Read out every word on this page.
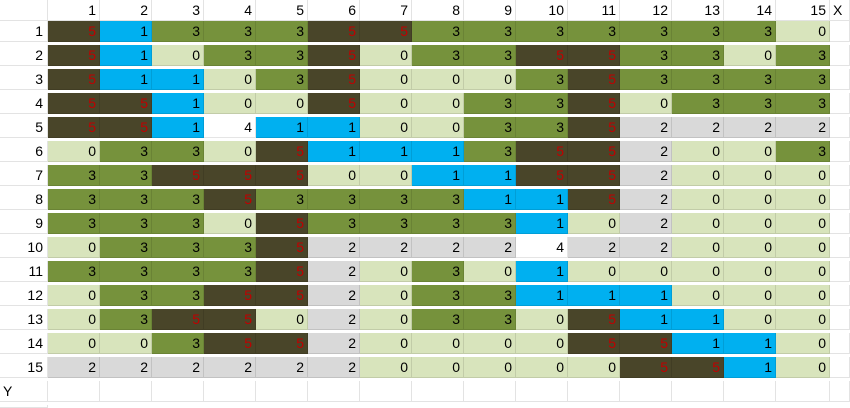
1	2	3	4	5	6	7	8	9	10	11	12	13	14	15 X
1	5	1	3	3	3	5	5	3	3	3	3	3	3	3	0
2	5	1	0	3	3	5	0	3	3	5	5	3	3	0	3
3	5	1	1	0	3	5	0	0	0	3	5	3	3	3	3
4	5	5	1	0	0	5	0	0	3	3	5	0	3	3	3
5	5	5	1	4	1	1	0	0	3	3	5	2	2	2	2
6	0	3	3	0	5	1	1	1	3	5	5	2	0	0	3
7	3	3	5	5	5	0	0	1	1	5	5	2	0	0	0
8	3	3	3	5	3	3	3	3	1	1	5	2	0	0	0
9	3	3	3	0	5	3	3	3	3	1	0	2	0	0	0
10	0	3	3	3	5	2	2	2	2	4	2	2	0	0	0
11	3	3	3	3	5	2	0	3	0	1	0	0	0	0	0
12	0	3	3	5	5	2	0	3	3	1	1	1	0	0	0
13	0	3	5	5	0	2	0	3	3	0	5	1	1	0	0
14	0	0	3	5	5	2	0	0	0	0	5	5	1	1	0
15	2	2	2	2	2	2	0	0	0	0	0	5	5	1	0
Y
